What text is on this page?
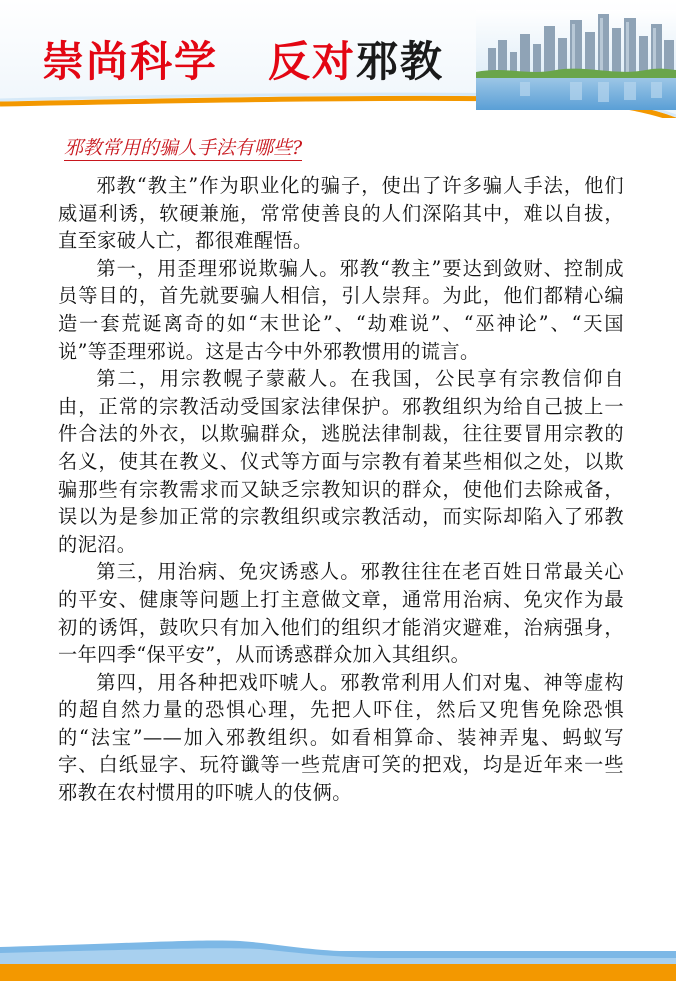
崇尚科学 反对邪教
邪教常用的骗人手法有哪些?

邪教“教主”作为职业化的骗子，使出了许多骗人手法，他们威逼利诱，软硬兼施，常常使善良的人们深陷其中，难以自拔，直至家破人亡，都很难醒悟。

第一，用歪理邪说欺骗人。邪教“教主”要达到敛财、控制成员等目的，首先就要骗人相信，引人崇拜。为此，他们都精心编造一套荒诞离奇的如“末世论”、“劫难说”、“巫神论”、“天国说”等歪理邪说。这是古今中外邪教惯用的谎言。

第二，用宗教幌子蒙蔽人。在我国，公民享有宗教信仰自由，正常的宗教活动受国家法律保护。邪教组织为给自己披上一件合法的外衣，以欺骗群众，逃脱法律制裁，往往要冒用宗教的名义，使其在教义、仪式等方面与宗教有着某些相似之处，以欺骗那些有宗教需求而又缺乏宗教知识的群众，使他们去除戒备，误以为是参加正常的宗教组织或宗教活动，而实际却陷入了邪教的泥沼。

第三，用治病、免灾诱惑人。邪教往往在老百姓日常最关心的平安、健康等问题上打主意做文章，通常用治病、免灾作为最初的诱饵，鼓吹只有加入他们的组织才能消灾避难，治病强身，一年四季“保平安”，从而诱惑群众加入其组织。

第四，用各种把戏吓唬人。邪教常利用人们对鬼、神等虚构的超自然力量的恐惧心理，先把人吓住，然后又兜售免除恐惧的“法宝”——加入邪教组织。如看相算命、装神弄鬼、蚂蚁写字、白纸显字、玩符谶等一些荒唐可笑的把戏，均是近年来一些邪教在农村惯用的吓唬人的伎俩。
